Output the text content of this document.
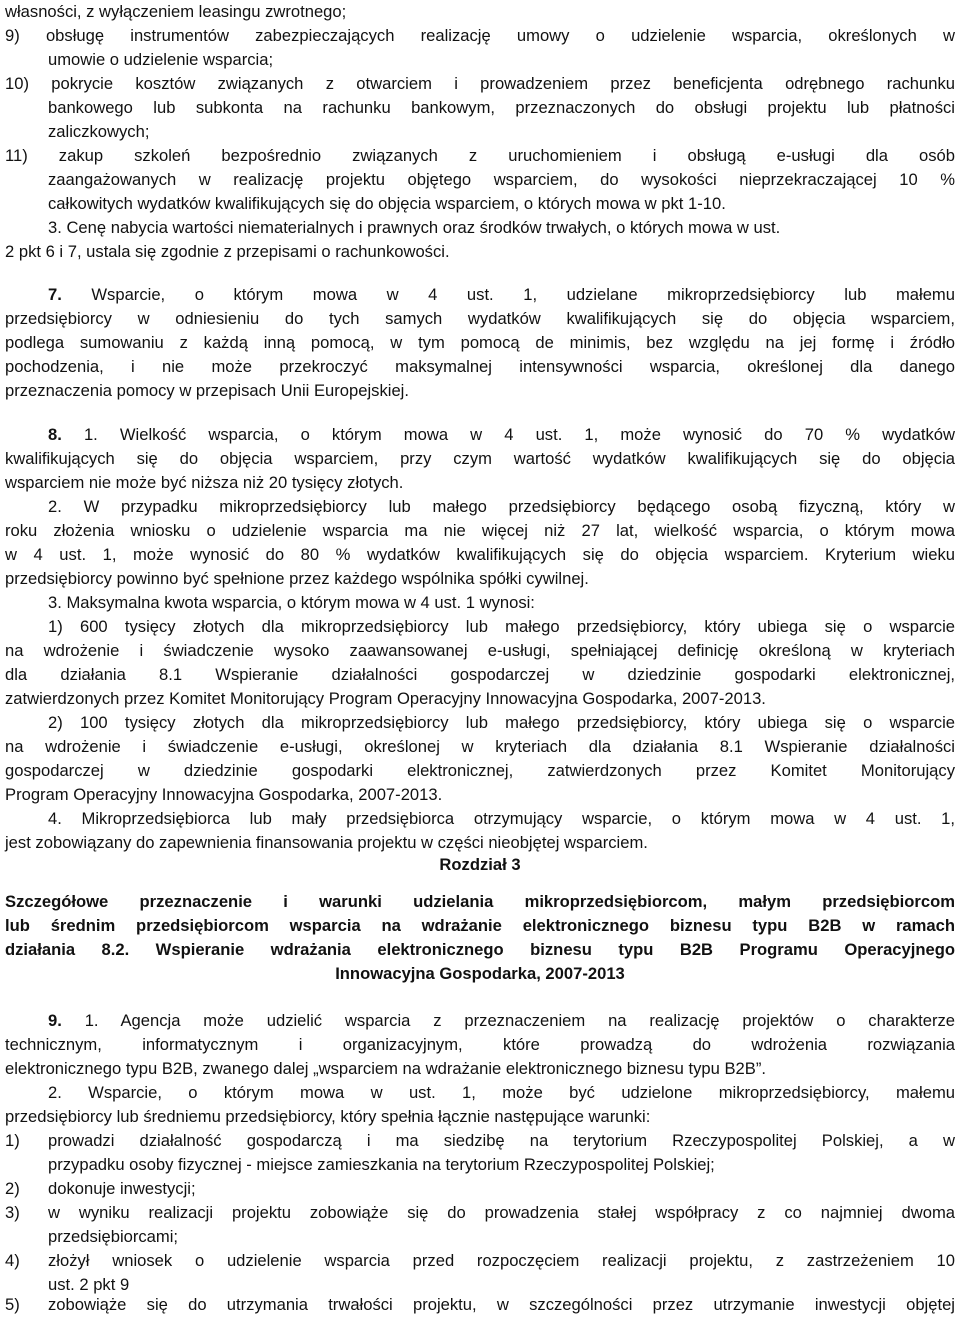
własności, z wyłączeniem leasingu zwrotnego;

9) obsługę instrumentów zabezpieczających realizację umowy o udzielenie wsparcia, określonych w

umowie o udzielenie wsparcia;

10) pokrycie kosztów związanych z otwarciem i prowadzeniem przez beneficjenta odrębnego rachunku

bankowego lub subkonta na rachunku bankowym, przeznaczonych do obsługi projektu lub płatności

zaliczkowych;

11) zakup szkoleń bezpośrednio związanych z uruchomieniem i obsługą e-usługi dla osób

zaangażowanych w realizację projektu objętego wsparciem, do wysokości nieprzekraczającej 10 %

całkowitych wydatków kwalifikujących się do objęcia wsparciem, o których mowa w pkt 1-10.

3. Cenę nabycia wartości niematerialnych i prawnych oraz środków trwałych, o których mowa w ust.

2 pkt 6 i 7, ustala się zgodnie z przepisami o rachunkowości.

7. Wsparcie, o którym mowa w 4 ust. 1, udzielane mikroprzedsiębiorcy lub małemu

przedsiębiorcy w odniesieniu do tych samych wydatków kwalifikujących się do objęcia wsparciem,

podlega sumowaniu z każdą inną pomocą, w tym pomocą de minimis, bez względu na jej formę i źródło

pochodzenia, i nie może przekroczyć maksymalnej intensywności wsparcia, określonej dla danego

przeznaczenia pomocy w przepisach Unii Europejskiej.

8. 1. Wielkość wsparcia, o którym mowa w 4 ust. 1, może wynosić do 70 % wydatków

kwalifikujących się do objęcia wsparciem, przy czym wartość wydatków kwalifikujących się do objęcia

wsparciem nie może być niższa niż 20 tysięcy złotych.

2. W przypadku mikroprzedsiębiorcy lub małego przedsiębiorcy będącego osobą fizyczną, który w

roku złożenia wniosku o udzielenie wsparcia ma nie więcej niż 27 lat, wielkość wsparcia, o którym mowa

w 4 ust. 1, może wynosić do 80 % wydatków kwalifikujących się do objęcia wsparciem. Kryterium wieku

przedsiębiorcy powinno być spełnione przez każdego wspólnika spółki cywilnej.

3. Maksymalna kwota wsparcia, o którym mowa w 4 ust. 1 wynosi:

1) 600 tysięcy złotych dla mikroprzedsiębiorcy lub małego przedsiębiorcy, który ubiega się o wsparcie

na wdrożenie i świadczenie wysoko zaawansowanej e-usługi, spełniającej definicję określoną w kryteriach

dla działania 8.1 Wspieranie działalności gospodarczej w dziedzinie gospodarki elektronicznej,

zatwierdzonych przez Komitet Monitorujący Program Operacyjny Innowacyjna Gospodarka, 2007-2013.

2) 100 tysięcy złotych dla mikroprzedsiębiorcy lub małego przedsiębiorcy, który ubiega się o wsparcie

na wdrożenie i świadczenie e-usługi, określonej w kryteriach dla działania 8.1 Wspieranie działalności

gospodarczej w dziedzinie gospodarki elektronicznej, zatwierdzonych przez Komitet Monitorujący

Program Operacyjny Innowacyjna Gospodarka, 2007-2013.

4. Mikroprzedsiębiorca lub mały przedsiębiorca otrzymujący wsparcie, o którym mowa w 4 ust. 1,

jest zobowiązany do zapewnienia finansowania projektu w części nieobjętej wsparciem.

Rozdział 3

Szczegółowe przeznaczenie i warunki udzielania mikroprzedsiębiorcom, małym przedsiębiorcom

lub średnim przedsiębiorcom wsparcia na wdrażanie elektronicznego biznesu typu B2B w ramach

działania 8.2. Wspieranie wdrażania elektronicznego biznesu typu B2B Programu Operacyjnego

Innowacyjna Gospodarka, 2007-2013

9. 1. Agencja może udzielić wsparcia z przeznaczeniem na realizację projektów o charakterze

technicznym, informatycznym i organizacyjnym, które prowadzą do wdrożenia rozwiązania

elektronicznego typu B2B, zwanego dalej „wsparciem na wdrażanie elektronicznego biznesu typu B2B”.

2. Wsparcie, o którym mowa w ust. 1, może być udzielone mikroprzedsiębiorcy, małemu

przedsiębiorcy lub średniemu przedsiębiorcy, który spełnia łącznie następujące warunki:

1) prowadzi działalność gospodarczą i ma siedzibę na terytorium Rzeczypospolitej Polskiej, a w

przypadku osoby fizycznej - miejsce zamieszkania na terytorium Rzeczypospolitej Polskiej;

2) dokonuje inwestycji;
3) w wyniku realizacji projektu zobowiąże się do prowadzenia stałej współpracy z co najmniej dwoma

przedsiębiorcami;

4) złożył wniosek o udzielenie wsparcia przed rozpoczęciem realizacji projektu, z zastrzeżeniem 10

ust. 2 pkt 9

5) zobowiąże się do utrzymania trwałości projektu, w szczególności przez utrzymanie inwestycji objętej
